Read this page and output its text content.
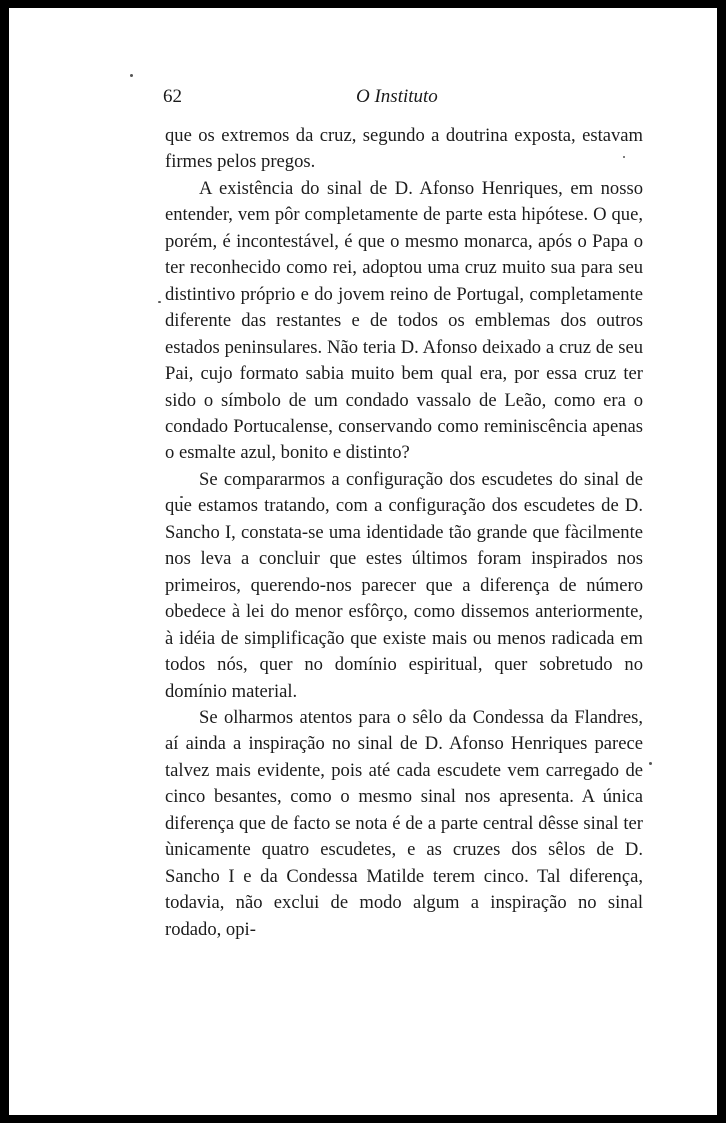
62	O Instituto

que os extremos da cruz, segundo a doutrina exposta, estavam firmes pelos pregos.

A existência do sinal de D. Afonso Henriques, em nosso entender, vem pôr completamente de parte esta hipótese. O que, porém, é incontestável, é que o mesmo monarca, após o Papa o ter reconhecido como rei, adoptou uma cruz muito sua para seu distintivo próprio e do jovem reino de Portugal, completamente diferente das restantes e de todos os emblemas dos outros estados peninsulares. Não teria D. Afonso deixado a cruz de seu Pai, cujo formato sabia muito bem qual era, por essa cruz ter sido o símbolo de um condado vassalo de Leão, como era o condado Portucalense, conservando como reminiscência apenas o esmalte azul, bonito e distinto?

Se compararmos a configuração dos escudetes do sinal de que estamos tratando, com a configuração dos escudetes de D. Sancho I, constata-se uma identidade tão grande que fàcilmente nos leva a concluir que estes últimos foram inspirados nos primeiros, querendo-nos parecer que a diferença de número obedece à lei do menor esfôrço, como dissemos anteriormente, à idéia de simplificação que existe mais ou menos radicada em todos nós, quer no domínio espiritual, quer sobretudo no domínio material.

Se olharmos atentos para o sêlo da Condessa da Flandres, aí ainda a inspiração no sinal de D. Afonso Henriques parece talvez mais evidente, pois até cada escudete vem carregado de cinco besantes, como o mesmo sinal nos apresenta. A única diferença que de facto se nota é de a parte central dêsse sinal ter ùnicamente quatro escudetes, e as cruzes dos sêlos de D. Sancho I e da Condessa Matilde terem cinco. Tal diferença, todavia, não exclui de modo algum a inspiração no sinal rodado, opi-
